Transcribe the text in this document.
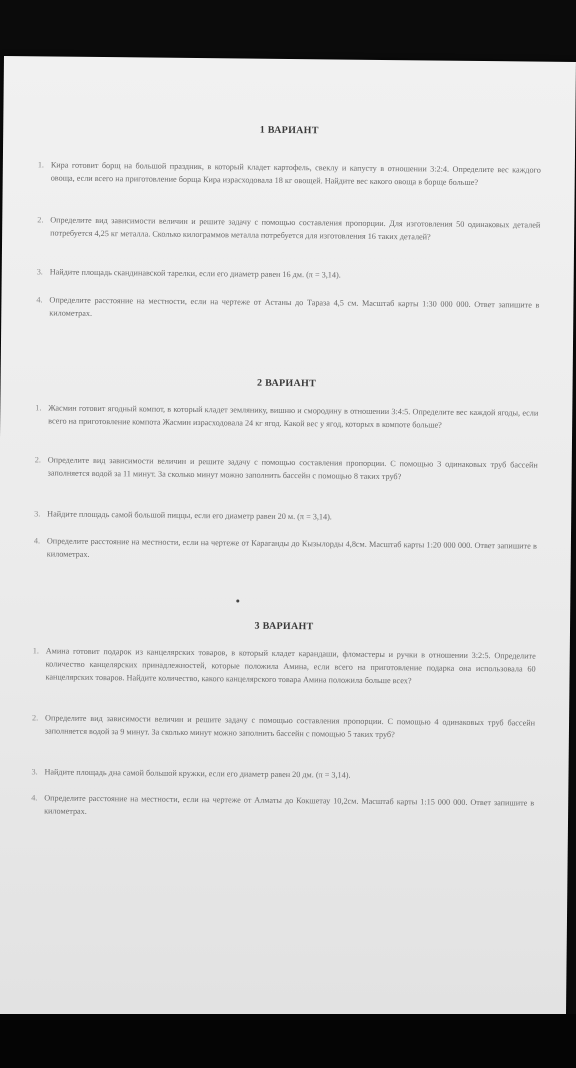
1 ВАРИАНТ
1. Кира готовит борщ на большой праздник, в который кладет картофель, свеклу и капусту в отношении 3:2:4. Определите вес каждого овоща, если всего на приготовление борща Кира израсходовала 18 кг овощей. Найдите вес какого овоща в борще больше?
2. Определите вид зависимости величин и решите задачу с помощью составления пропорции. Для изготовления 50 одинаковых деталей потребуется 4,25 кг металла. Сколько килограммов металла потребуется для изготовления 16 таких деталей?
3. Найдите площадь скандинавской тарелки, если его диаметр равен 16 дм. (π = 3,14).
4. Определите расстояние на местности, если на чертеже от Астаны до Тараза 4,5 см. Масштаб карты 1:30 000 000. Ответ запишите в километрах.
2 ВАРИАНТ
1. Жасмин готовит ягодный компот, в который кладет землянику, вишню и смородину в отношении 3:4:5. Определите вес каждой ягоды, если всего на приготовление компота Жасмин израсходовала 24 кг ягод. Какой вес у ягод, которых в компоте больше?
2. Определите вид зависимости величин и решите задачу с помощью составления пропорции. С помощью 3 одинаковых труб бассейн заполняется водой за 11 минут. За сколько минут можно заполнить бассейн с помощью 8 таких труб?
3. Найдите площадь самой большой пиццы, если его диаметр равен 20 м. (π = 3,14).
4. Определите расстояние на местности, если на чертеже от Караганды до Кызылорды 4,8см. Масштаб карты 1:20 000 000. Ответ запишите в километрах.
3 ВАРИАНТ
1. Амина готовит подарок из канцелярских товаров, в который кладет карандаши, фломастеры и ручки в отношении 3:2:5. Определите количество канцелярских принадлежностей, которые положила Амина, если всего на приготовление подарка она использовала 60 канцелярских товаров. Найдите количество, какого канцелярского товара Амина положила больше всех?
2. Определите вид зависимости величин и решите задачу с помощью составления пропорции. С помощью 4 одинаковых труб бассейн заполняется водой за 9 минут. За сколько минут можно заполнить бассейн с помощью 5 таких труб?
3. Найдите площадь дна самой большой кружки, если его диаметр равен 20 дм. (π = 3,14).
4. Определите расстояние на местности, если на чертеже от Алматы до Кокшетау 10,2см. Масштаб карты 1:15 000 000. Ответ запишите в километрах.
